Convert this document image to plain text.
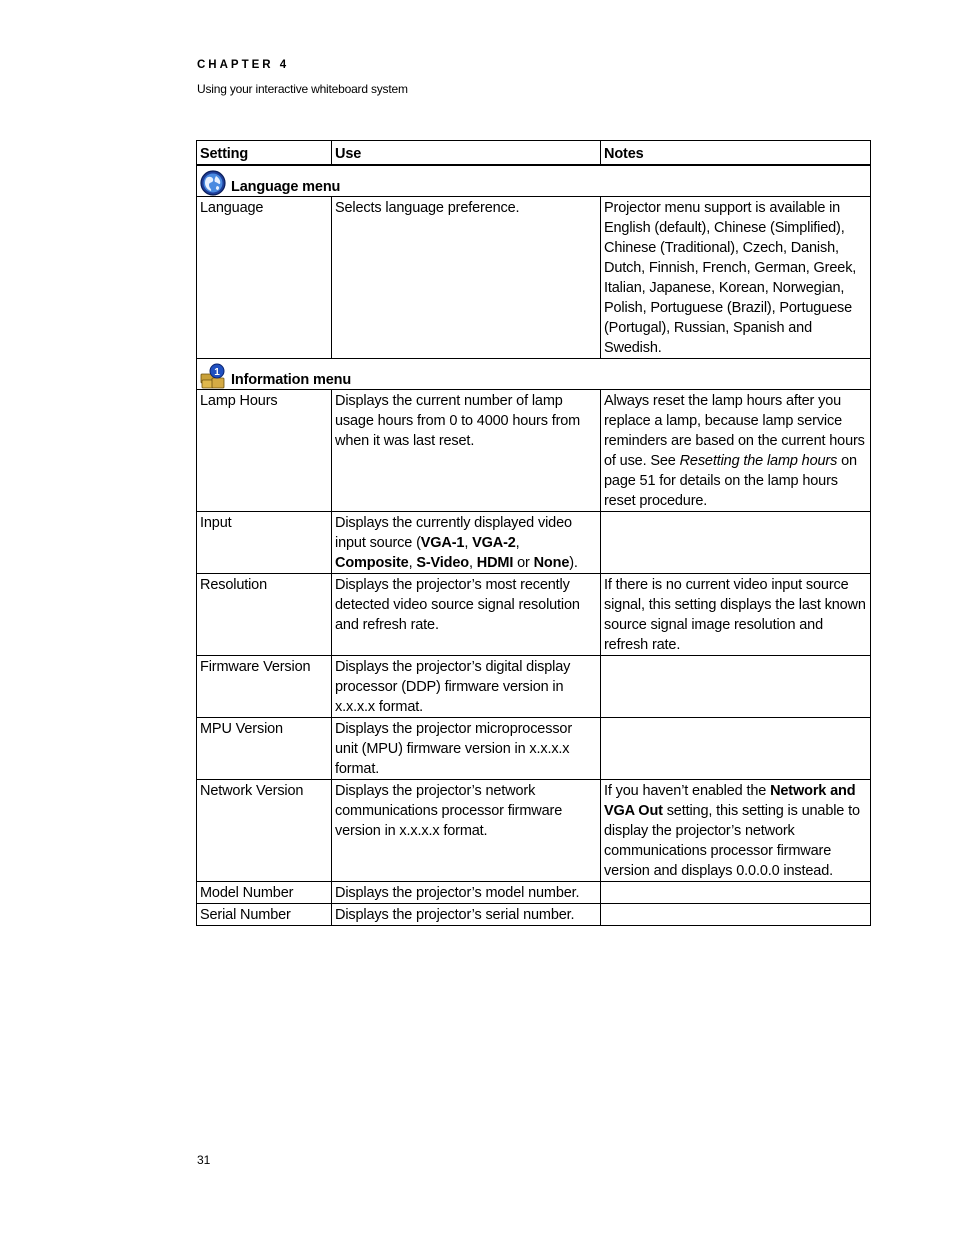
CHAPTER 4
Using your interactive whiteboard system
Setting	Use	Notes

Language menu		

Language	Selects language preference.	Projector menu support is available in English (default), Chinese (Simplified), Chinese (Traditional), Czech, Danish, Dutch, Finnish, French, German, Greek, Italian, Japanese, Korean, Norwegian, Polish, Portuguese (Brazil), Portuguese (Portugal), Russian, Spanish and Swedish.

1 Information menu		

Lamp Hours	Displays the current number of lamp usage hours from 0 to 4000 hours from when it was last reset.	Always reset the lamp hours after you replace a lamp, because lamp service reminders are based on the current hours of use. See Resetting the lamp hours on page 51 for details on the lamp hours reset procedure.
Input	Displays the currently displayed video input source (VGA-1, VGA-2, Composite, S-Video, HDMI or None).	
Resolution	Displays the projector’s most recently detected video source signal resolution and refresh rate.	If there is no current video input source signal, this setting displays the last known source signal image resolution and refresh rate.
Firmware Version	Displays the projector’s digital display processor (DDP) firmware version in x.x.x.x format.	
MPU Version	Displays the projector microprocessor unit (MPU) firmware version in x.x.x.x format.	
Network Version	Displays the projector’s network communications processor firmware version in x.x.x.x format.	If you haven’t enabled the Network and VGA Out setting, this setting is unable to display the projector’s network communications processor firmware version and displays 0.0.0.0 instead.
Model Number	Displays the projector’s model number.	
Serial Number	Displays the projector’s serial number.	
31
